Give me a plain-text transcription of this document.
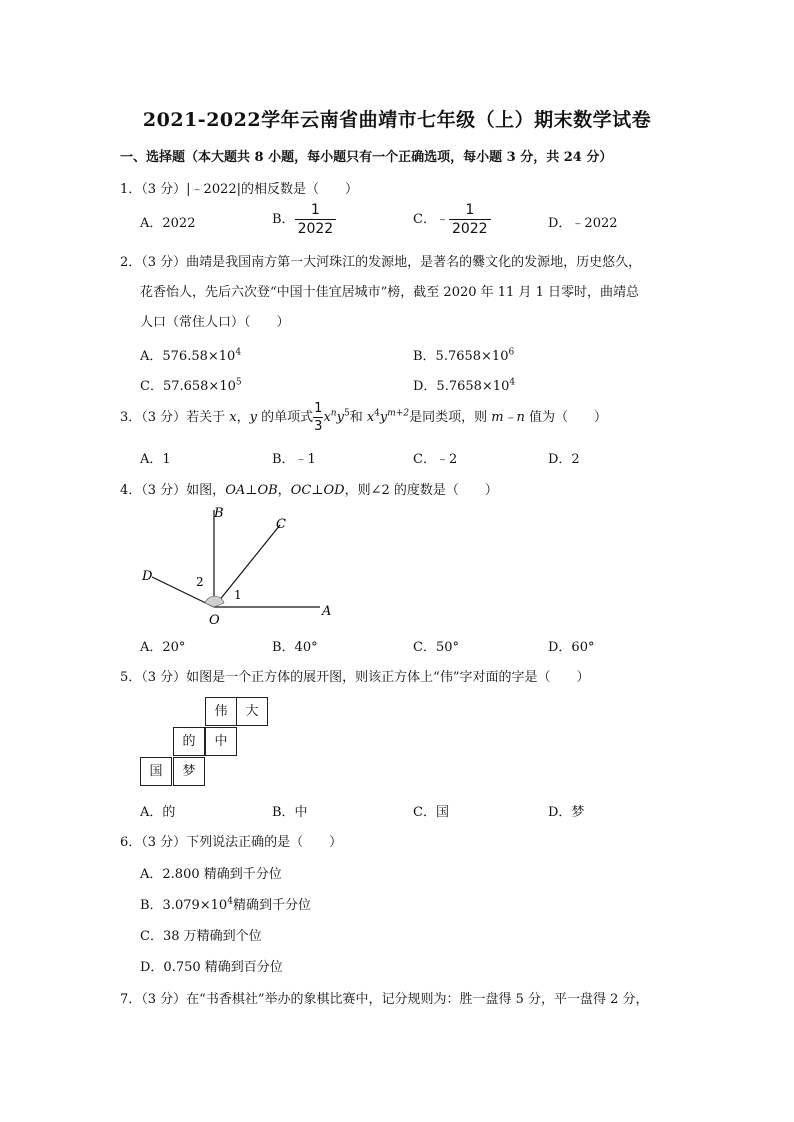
2021-2022学年云南省曲靖市七年级（上）期末数学试卷
一、选择题（本大题共 8 小题，每小题只有一个正确选项，每小题 3 分，共 24 分）
1．（3 分）|﹣2022|的相反数是（　　）
A．2022	B． $\frac{1}{2022}$	C．﹣ $\frac{1}{2022}$	D．﹣2022
2．（3 分）曲靖是我国南方第一大河珠江的发源地，是著名的爨文化的发源地，历史悠久，
花香怡人，先后六次登“中国十佳宜居城市”榜，截至 2020 年 11 月 1 日零时，曲靖总
人口（常住人口）（　　）
A．$576.58\times 10^4$	B．$5.7658\times 10^6$
C．$57.658\times 10^5$	D．$5.7658\times 10^4$
3．（3 分）若关于 x，y 的单项式 $\frac{1}{3} x^ny^5$和 $x^4y^{m+2}$是同类项，则 m﹣n 值为（　　）
A．1	B．﹣1	C．﹣2	D．2
4．（3 分）如图，OA⊥OB，OC⊥OD，则∠2 的度数是（　　）
B
C
D
O
A
1
2
A．20°	B．40°	C．50°	D．60°
5．（3 分）如图是一个正方体的展开图，则该正方体上“伟”字对面的字是（　　）
伟	大
的	中
国	梦
A．的	B．中	C．国	D．梦
6．（3 分）下列说法正确的是（　　）
A．2.800 精确到千分位
B．$3.079\times 10^4$精确到千分位
C．38 万精确到个位
D．0.750 精确到百分位
7．（3 分）在“书香棋社”举办的象棋比赛中，记分规则为：胜一盘得 5 分，平一盘得 2 分，
